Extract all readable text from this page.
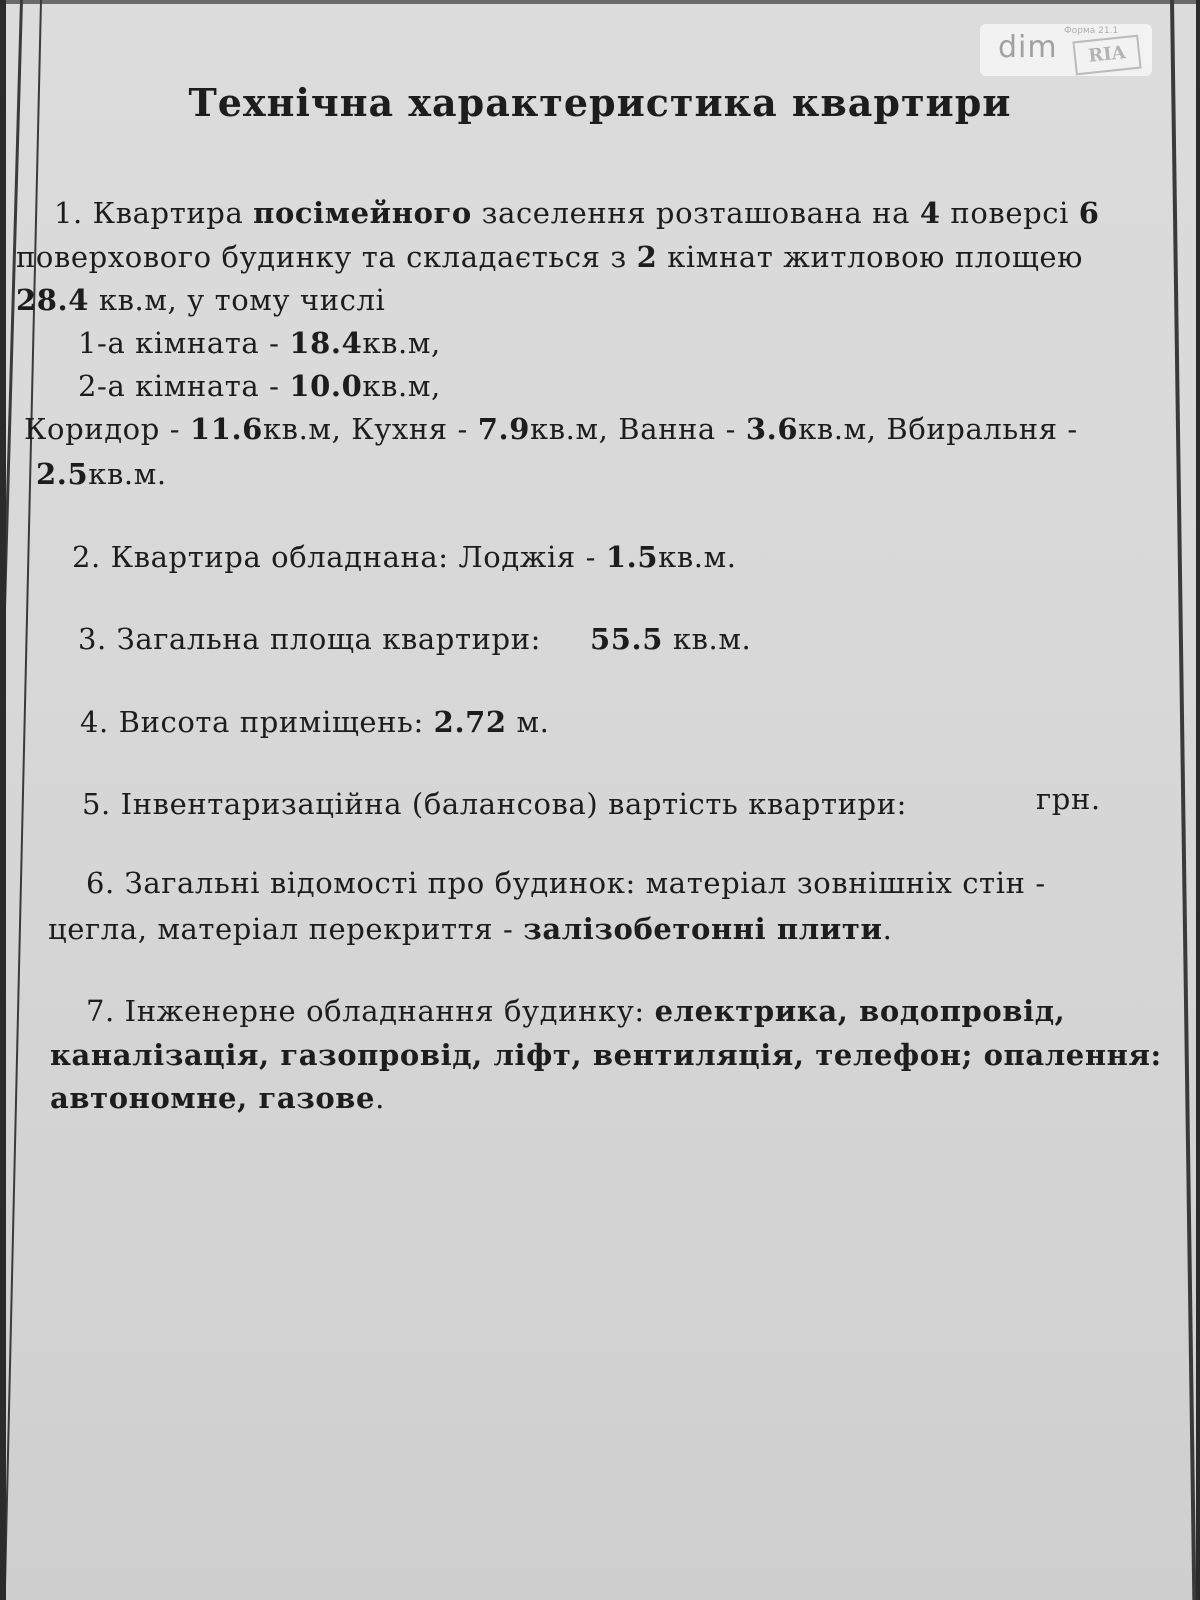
dim Форма 21.1
RIA
Технічна характеристика квартири
1. Квартира посімейного заселення розташована на 4 поверсі 6
поверхового будинку та складається з 2 кімнат житловою площею
28.4 кв.м, у тому числі
1-а кімната - 18.4кв.м,
2-а кімната - 10.0кв.м,
Коридор - 11.6кв.м, Кухня - 7.9кв.м, Ванна - 3.6кв.м, Вбиральня -
2.5кв.м.
2. Квартира обладнана: Лоджія - 1.5кв.м.
3. Загальна площа квартири: 55.5 кв.м.
4. Висота приміщень: 2.72 м.
5. Інвентаризаційна (балансова) вартість квартири:	грн.
6. Загальні відомості про будинок: матеріал зовнішніх стін -
цегла, матеріал перекриття - залізобетонні плити.
7. Інженерне обладнання будинку: електрика, водопровід,
каналізація, газопровід, ліфт, вентиляція, телефон; опалення:
автономне, газове.
